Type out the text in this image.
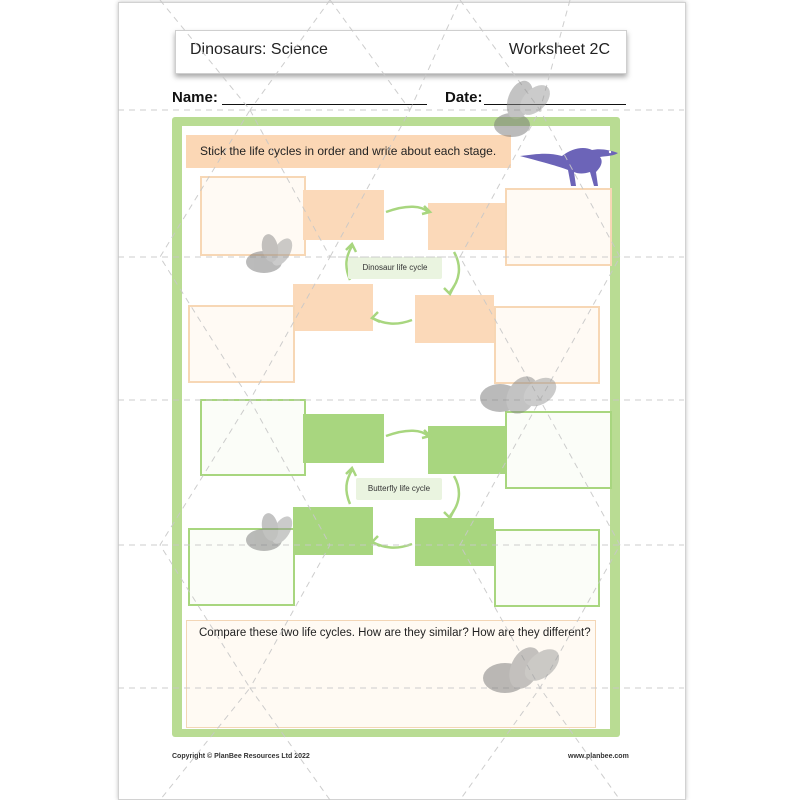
Dinosaurs: Science	Worksheet 2C
Name:	Date:
Stick the life cycles in order and write about each stage.
Dinosaur life cycle
Butterfly life cycle
Compare these two life cycles. How are they similar? How are they different?
Copyright © PlanBee Resources Ltd 2022	www.planbee.com
